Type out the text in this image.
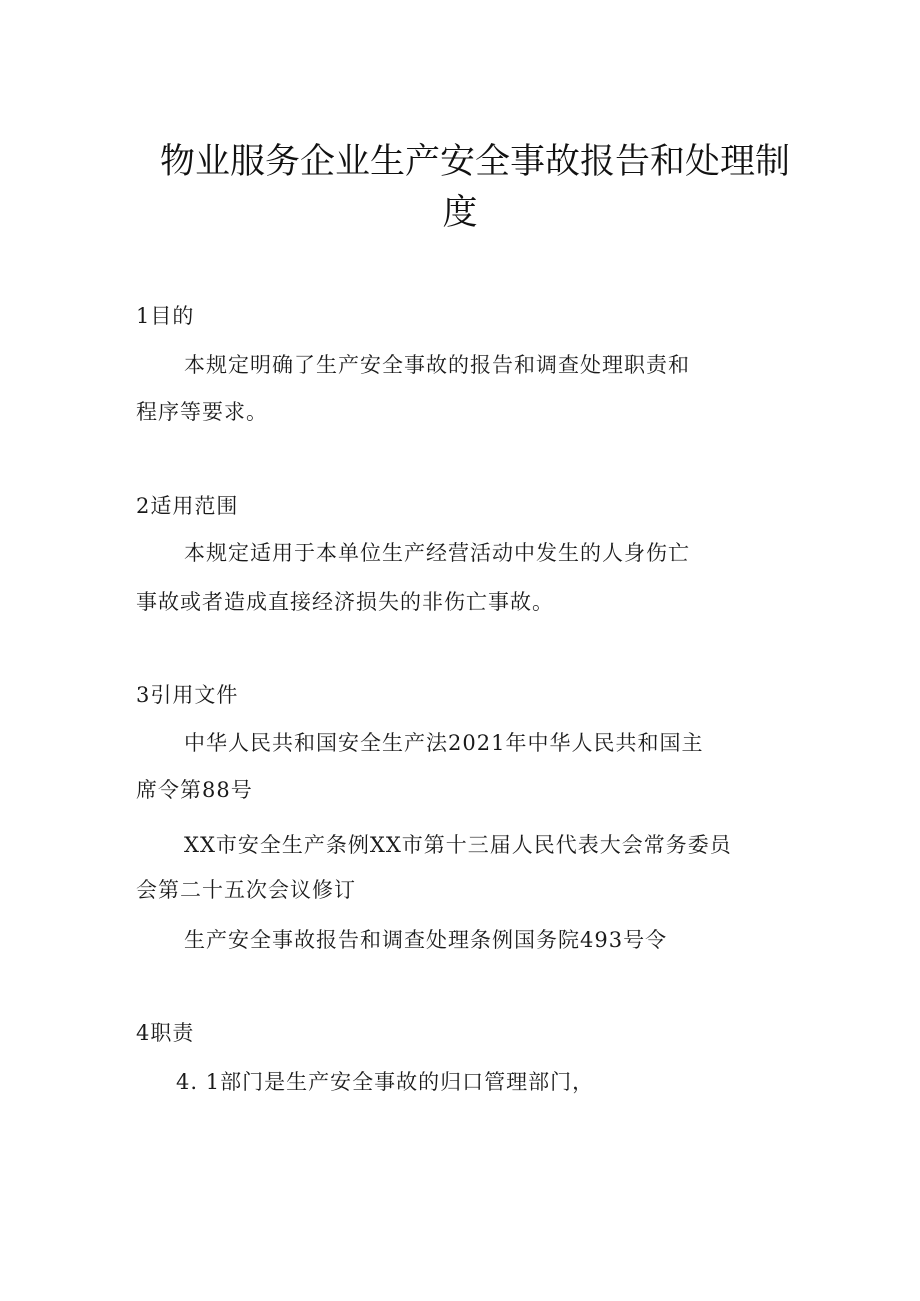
物业服务企业生产安全事故报告和处理制
度
1目的
本规定明确了生产安全事故的报告和调查处理职责和
程序等要求。
2适用范围
本规定适用于本单位生产经营活动中发生的人身伤亡
事故或者造成直接经济损失的非伤亡事故。
3引用文件
中华人民共和国安全生产法2021年中华人民共和国主
席令第88号
XX市安全生产条例XX市第十三届人民代表大会常务委员
会第二十五次会议修订
生产安全事故报告和调查处理条例国务院493号令
4职责
4. 1部门是生产安全事故的归口管理部门，
